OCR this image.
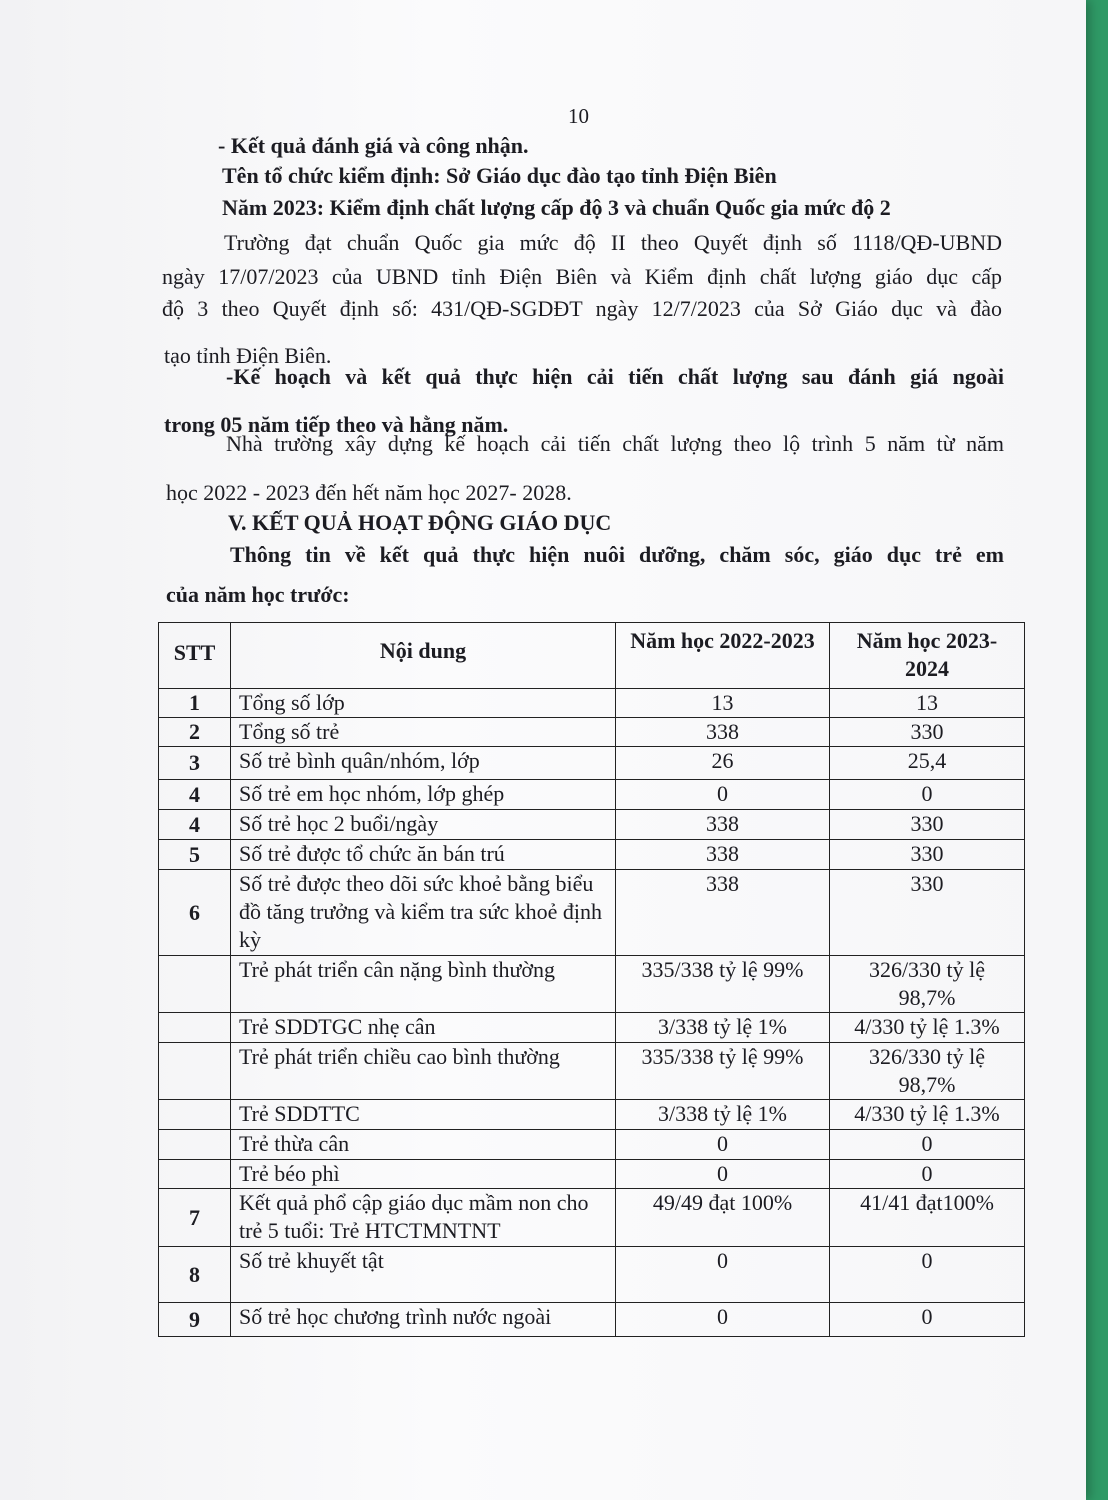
10
- Kết quả đánh giá và công nhận.
Tên tổ chức kiểm định: Sở Giáo dục đào tạo tỉnh Điện Biên
Năm 2023: Kiểm định chất lượng cấp độ 3 và chuẩn Quốc gia mức độ 2
Trường đạt chuẩn Quốc gia mức độ II theo Quyết định số 1118/QĐ-UBND
ngày 17/07/2023 của UBND tỉnh Điện Biên và Kiểm định chất lượng giáo dục cấp
độ 3 theo Quyết định số: 431/QĐ-SGDĐT ngày 12/7/2023 của Sở Giáo dục và đào
tạo tỉnh Điện Biên.
-Kế hoạch và kết quả thực hiện cải tiến chất lượng sau đánh giá ngoài
trong 05 năm tiếp theo và hằng năm.
Nhà trường xây dựng kế hoạch cải tiến chất lượng theo lộ trình 5 năm từ năm
học 2022 - 2023 đến hết năm học 2027- 2028.
V. KẾT QUẢ HOẠT ĐỘNG GIÁO DỤC
Thông tin về kết quả thực hiện nuôi dưỡng, chăm sóc, giáo dục trẻ em
của năm học trước:
STT	Nội dung	Năm học 2022-2023	Năm học 2023-2024
1	Tổng số lớp	13	13
2	Tổng số trẻ	338	330
3	Số trẻ bình quân/nhóm, lớp	26	25,4
4	Số trẻ em học nhóm, lớp ghép	0	0
4	Số trẻ học 2 buổi/ngày	338	330
5	Số trẻ được tổ chức ăn bán trú	338	330
6	Số trẻ được theo dõi sức khoẻ bằng biểu đồ tăng trưởng và kiểm tra sức khoẻ định kỳ	338	330
	Trẻ phát triển cân nặng bình thường	335/338 tỷ lệ 99%	326/330 tỷ lệ 98,7%
	Trẻ SDDTGC nhẹ cân	3/338 tỷ lệ 1%	4/330 tỷ lệ 1.3%
	Trẻ phát triển chiều cao bình thường	335/338 tỷ lệ 99%	326/330 tỷ lệ 98,7%
	Trẻ SDDTTC	3/338 tỷ lệ 1%	4/330 tỷ lệ 1.3%
	Trẻ thừa cân	0	0
	Trẻ béo phì	0	0
7	Kết quả phổ cập giáo dục mầm non cho trẻ 5 tuổi: Trẻ HTCTMNTNT	49/49 đạt 100%	41/41 đạt100%
8	Số trẻ khuyết tật	0	0
9	Số trẻ học chương trình nước ngoài	0	0
